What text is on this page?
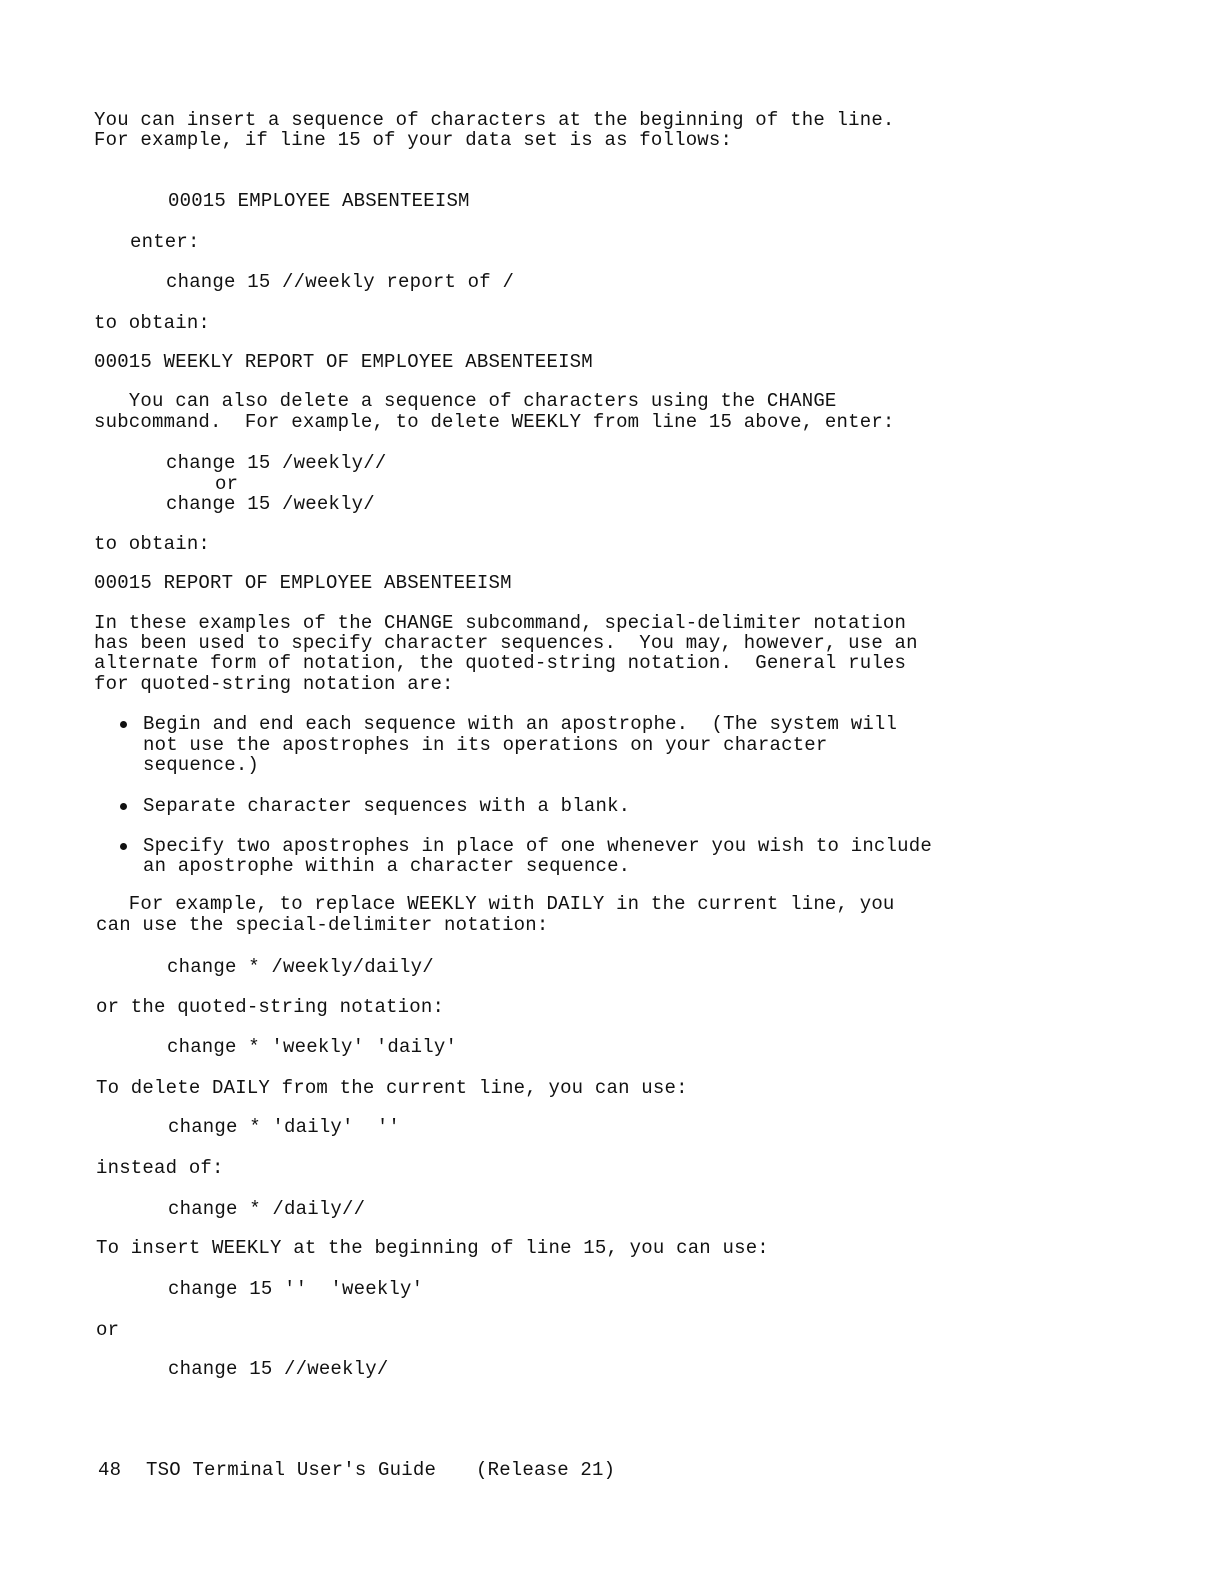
You can insert a sequence of characters at the beginning of the line.
For example, if line 15 of your data set is as follows:
00015 EMPLOYEE ABSENTEEISM
enter:
change 15 //weekly report of /
to obtain:
00015 WEEKLY REPORT OF EMPLOYEE ABSENTEEISM
You can also delete a sequence of characters using the CHANGE
subcommand.  For example, to delete WEEKLY from line 15 above, enter:
change 15 /weekly//
or
change 15 /weekly/
to obtain:
00015 REPORT OF EMPLOYEE ABSENTEEISM
In these examples of the CHANGE subcommand, special-delimiter notation
has been used to specify character sequences.  You may, however, use an
alternate form of notation, the quoted-string notation.  General rules
for quoted-string notation are:
Begin and end each sequence with an apostrophe.  (The system will
not use the apostrophes in its operations on your character
sequence.)
Separate character sequences with a blank.
Specify two apostrophes in place of one whenever you wish to include
an apostrophe within a character sequence.
For example, to replace WEEKLY with DAILY in the current line, you
can use the special-delimiter notation:
change * /weekly/daily/
or the quoted-string notation:
change * 'weekly' 'daily'
To delete DAILY from the current line, you can use:
change * 'daily'  ''
instead of:
change * /daily//
To insert WEEKLY at the beginning of line 15, you can use:
change 15 ''  'weekly'
or
change 15 //weekly/
48 TSO Terminal User's Guide (Release 21)
